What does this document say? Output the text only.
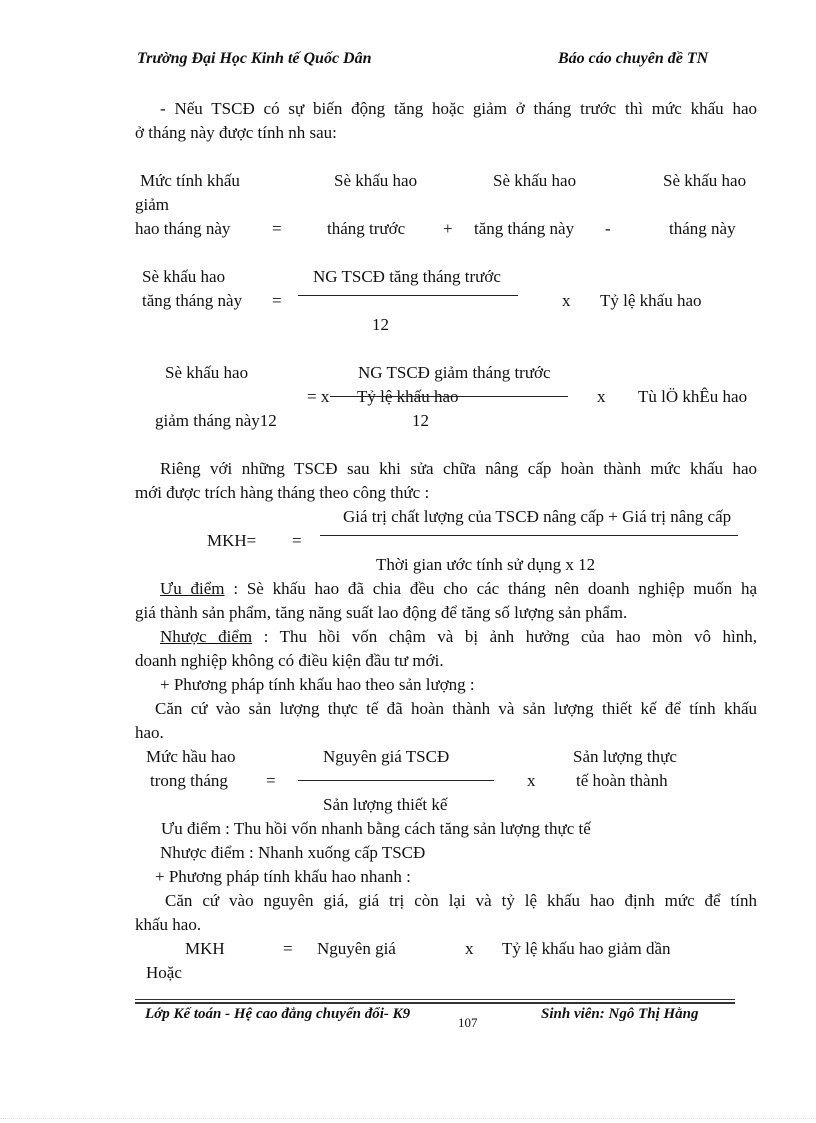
Trường Đại Học Kinh tế Quốc Dân	Báo cáo chuyên đề TN
- Nếu TSCĐ có sự biến động tăng hoặc giảm ở tháng trước thì mức khấu hao
ở tháng này được tính nh sau:
Mức tính khấu
giảm
hao tháng này =
Sè khấu hao
tháng trước +
Sè khấu hao
tăng tháng này -
Sè khấu hao
tháng này
Sè khấu hao
tăng tháng này =
NG TSCĐ tăng tháng trước
12
x Tỷ lệ khấu hao
Sè khấu hao
giảm tháng này12
NG TSCĐ giảm tháng trước
= x Tỷ lệ khấu hao
12
x Tù lÖ khÊu hao
Riêng với những TSCĐ sau khi sửa chữa nâng cấp hoàn thành mức khấu hao
mới được trích hàng tháng theo công thức :
Giá trị chất lượng của TSCĐ nâng cấp + Giá trị nâng cấp
MKH= =
Thời gian ước tính sử dụng x 12
Ưu điểm : Sè khấu hao đã chia đều cho các tháng nên doanh nghiệp muốn hạ
giá thành sản phẩm, tăng năng suất lao động để tăng số lượng sản phẩm.
Nhược điểm : Thu hồi vốn chậm và bị ảnh hưởng của hao mòn vô hình,
doanh nghiệp không có điều kiện đầu tư mới.
+ Phương pháp tính khấu hao theo sản lượng :
Căn cứ vào sản lượng thực tế đã hoàn thành và sản lượng thiết kế để tính khấu
hao.
Mức hầu hao
trong tháng =
Nguyên giá TSCĐ
Sản lượng thiết kế
x
Sản lượng thực
tế hoàn thành
Ưu điểm : Thu hồi vốn nhanh bằng cách tăng sản lượng thực tế
Nhược điểm : Nhanh xuống cấp TSCĐ
+ Phương pháp tính khấu hao nhanh :
Căn cứ vào nguyên giá, giá trị còn lại và tỷ lệ khấu hao định mức để tính
khấu hao.
MKH	= Nguyên giá	x Tỷ lệ khấu hao giảm dần
Hoặc
Lớp Kế toán - Hệ cao đẳng chuyển đổi- K9
107
Sinh viên: Ngô Thị Hằng
